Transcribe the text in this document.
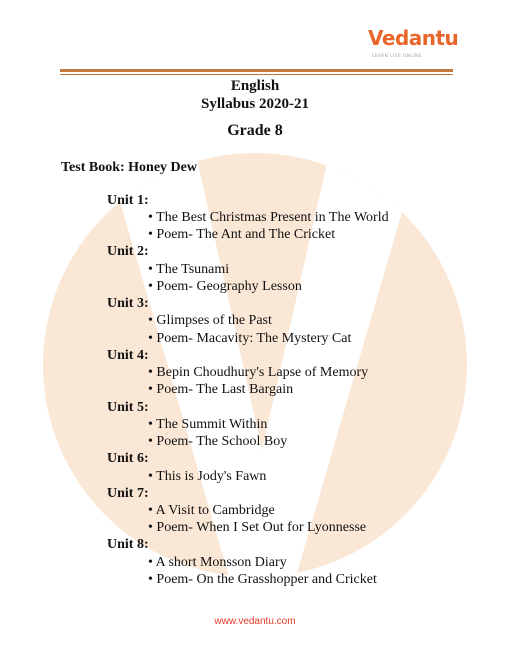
Vedantu
LEARN LIVE ONLINE
English
Syllabus 2020-21
Grade 8
Test Book: Honey Dew
Unit 1:
• The Best Christmas Present in The World
• Poem- The Ant and The Cricket
Unit 2:
• The Tsunami
• Poem- Geography Lesson
Unit 3:
• Glimpses of the Past
• Poem- Macavity: The Mystery Cat
Unit 4:
• Bepin Choudhury's Lapse of Memory
• Poem- The Last Bargain
Unit 5:
• The Summit Within
• Poem- The School Boy
Unit 6:
• This is Jody's Fawn
Unit 7:
• A Visit to Cambridge
• Poem- When I Set Out for Lyonnesse
Unit 8:
• A short Monsson Diary
• Poem- On the Grasshopper and Cricket
www.vedantu.com
